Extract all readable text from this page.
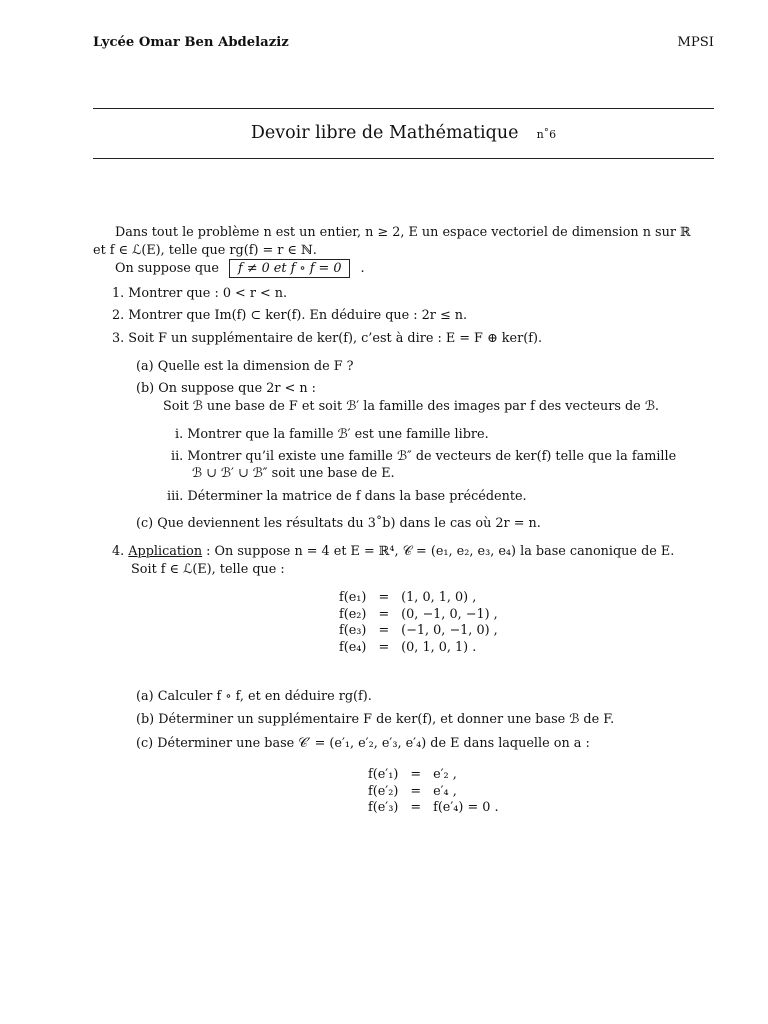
Lycée Omar Ben Abdelaziz	MPSI
Devoir libre de Mathématique n˚6
Dans tout le problème n est un entier, n ≥ 2, E un espace vectoriel de dimension n sur ℝ
et f ∈ ℒ(E), telle que rg(f) = r ∈ ℕ.
On suppose que f ≠ 0 et f ∘ f = 0 .
1. Montrer que : 0 < r < n.
2. Montrer que Im(f) ⊂ ker(f). En déduire que : 2r ≤ n.
3. Soit F un supplémentaire de ker(f), c’est à dire : E = F ⊕ ker(f).
(a) Quelle est la dimension de F ?
(b) On suppose que 2r < n :
Soit ℬ une base de F et soit ℬ′ la famille des images par f des vecteurs de ℬ.
i. Montrer que la famille ℬ′ est une famille libre.
ii. Montrer qu’il existe une famille ℬ″ de vecteurs de ker(f) telle que la famille
ℬ ∪ ℬ′ ∪ ℬ″ soit une base de E.
iii. Déterminer la matrice de f dans la base précédente.
(c) Que deviennent les résultats du 3˚b) dans le cas où 2r = n.
4. Application : On suppose n = 4 et E = ℝ⁴, 𝒞 = (e₁, e₂, e₃, e₄) la base canonique de E.
Soit f ∈ ℒ(E), telle que :
f(e₁)	=	(1, 0, 1, 0) ,
f(e₂)	=	(0, −1, 0, −1) ,
f(e₃)	=	(−1, 0, −1, 0) ,
f(e₄)	=	(0, 1, 0, 1) .
(a) Calculer f ∘ f, et en déduire rg(f).
(b) Déterminer un supplémentaire F de ker(f), et donner une base ℬ de F.
(c) Déterminer une base 𝒞′ = (e′₁, e′₂, e′₃, e′₄) de E dans laquelle on a :
f(e′₁)	=	e′₂ ,
f(e′₂)	=	e′₄ ,
f(e′₃)	=	f(e′₄) = 0 .
